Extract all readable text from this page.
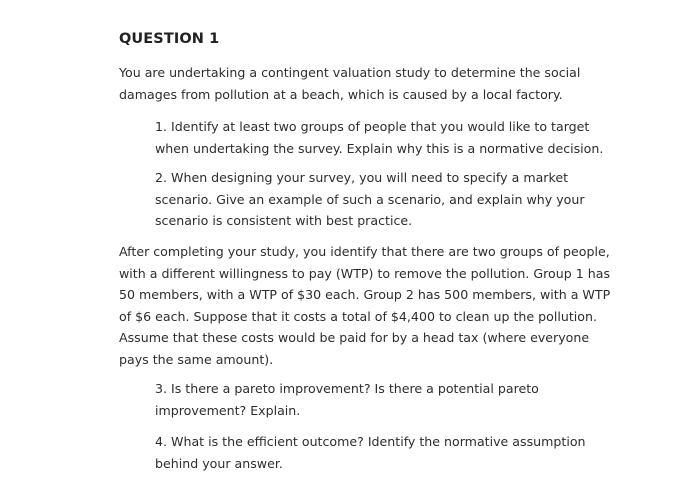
QUESTION 1

You are undertaking a contingent valuation study to determine the social damages from pollution at a beach, which is caused by a local factory.

1. Identify at least two groups of people that you would like to target when undertaking the survey. Explain why this is a normative decision.

2. When designing your survey, you will need to specify a market scenario. Give an example of such a scenario, and explain why your scenario is consistent with best practice.

After completing your study, you identify that there are two groups of people, with a different willingness to pay (WTP) to remove the pollution. Group 1 has 50 members, with a WTP of $30 each. Group 2 has 500 members, with a WTP of $6 each. Suppose that it costs a total of $4,400 to clean up the pollution. Assume that these costs would be paid for by a head tax (where everyone pays the same amount).

3. Is there a pareto improvement? Is there a potential pareto improvement? Explain.

4. What is the efficient outcome? Identify the normative assumption behind your answer.
